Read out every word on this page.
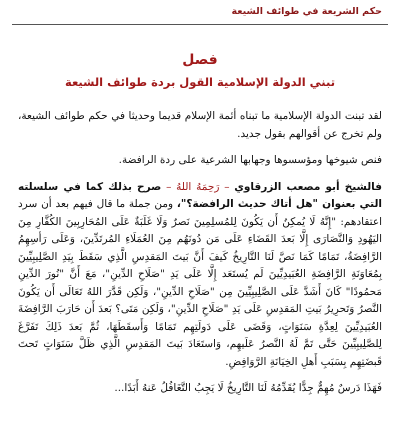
حكم الشريعة في طوائف الشيعة
فصل
تبني الدولة الإسلامية القول بردة طوائف الشيعة

لقد تبنت الدولة الإسلامية ما تبناه أئمة الإسلام قديما وحديثا في حكم طوائف الشيعة، ولم تخرج عن أقوالهم بقول جديد.

فنص شيوخها ومؤسسوها وجهابها الشرعية على ردة الرافضة.

فالشيخ أبو مصعب الزرقاوي – رَحِمَهُ اللهُ – صرح بذلك كما في سلسلته التي بعنوان "هل أتاك حديث الرافضة؟"، ومن جملة ما قال فيهم بعد أن سرد اعتقادهم: "إِنَّهُ لَا يُمكِنُ أَن يَكُونَ لِلمُسلِمِينَ نَصرٌ وَلَا غَلَبَةٌ عَلَى المُحَارِبِينَ الكُفَّارِ مِنَ اليَهُودِ وَالنَّصَارَى إِلَّا بَعدَ القَضَاءِ عَلَى مَن دُونَهُم مِنَ العُمَلَاءِ المُرتَدِّينَ، وَعَلَى رَأسِهِمُ الرَّافِضَةُ، تَمَامًا كَمَا نَصَّ لَنَا التَّارِيخُ كَيفَ أَنَّ بَيتَ المَقدِسِ الَّذِي سَقَطَ بِيَدِ الصَّلِيبِيِّينَ بِمُعَاوَنَةِ الرَّافِضَةِ العُبَيدِيِّينَ لَم يُستَعَد إِلَّا عَلَى يَدِ "صَلَاحِ الدِّينِ"، مَعَ أَنَّ "نُورَ الدِّينِ مَحمُودًا" كَانَ أَشَدَّ عَلَى الصَّلِيبِيِّينَ مِن "صَلَاحِ الدِّينِ"، وَلَكِن قَدَّرَ اللهُ تَعَالَى أَن يَكُونَ النَّصرُ وَتَحرِيرُ بَيتِ المَقدِسِ عَلَى يَدِ "صَلَاحِ الدِّينِ"، وَلَكِن مَتَى؟ بَعدَ أَن حَارَبَ الرَّافِضَةَ العُبَيدِيِّينَ لِعِدَّةِ سَنَوَاتٍ، وَقَضَى عَلَى دَولَتِهِم تَمَامًا وَأَسقَطَهَا، ثُمَّ بَعدَ ذَلِكَ تَفَرَّغَ لِلصَّلِيبِيِّينَ حَتَّى تَمَّ لَهُ النَّصرُ عَلَيهِم، وَاستَعَادَ بَيتَ المَقدِسِ الَّذِي ظَلَّ سَنَوَاتٍ تَحتَ قَبضَتِهِم بِسَبَبِ أَهلِ الخِيَانَةِ الرَّوَافِضِ.

فَهَذَا دَرسٌ مُهِمٌّ جِدًّا يُقَدِّمُهُ لَنَا التَّارِيخُ لَا يَجِبُ التَّغَافُلُ عَنهُ أَبَدًا...
